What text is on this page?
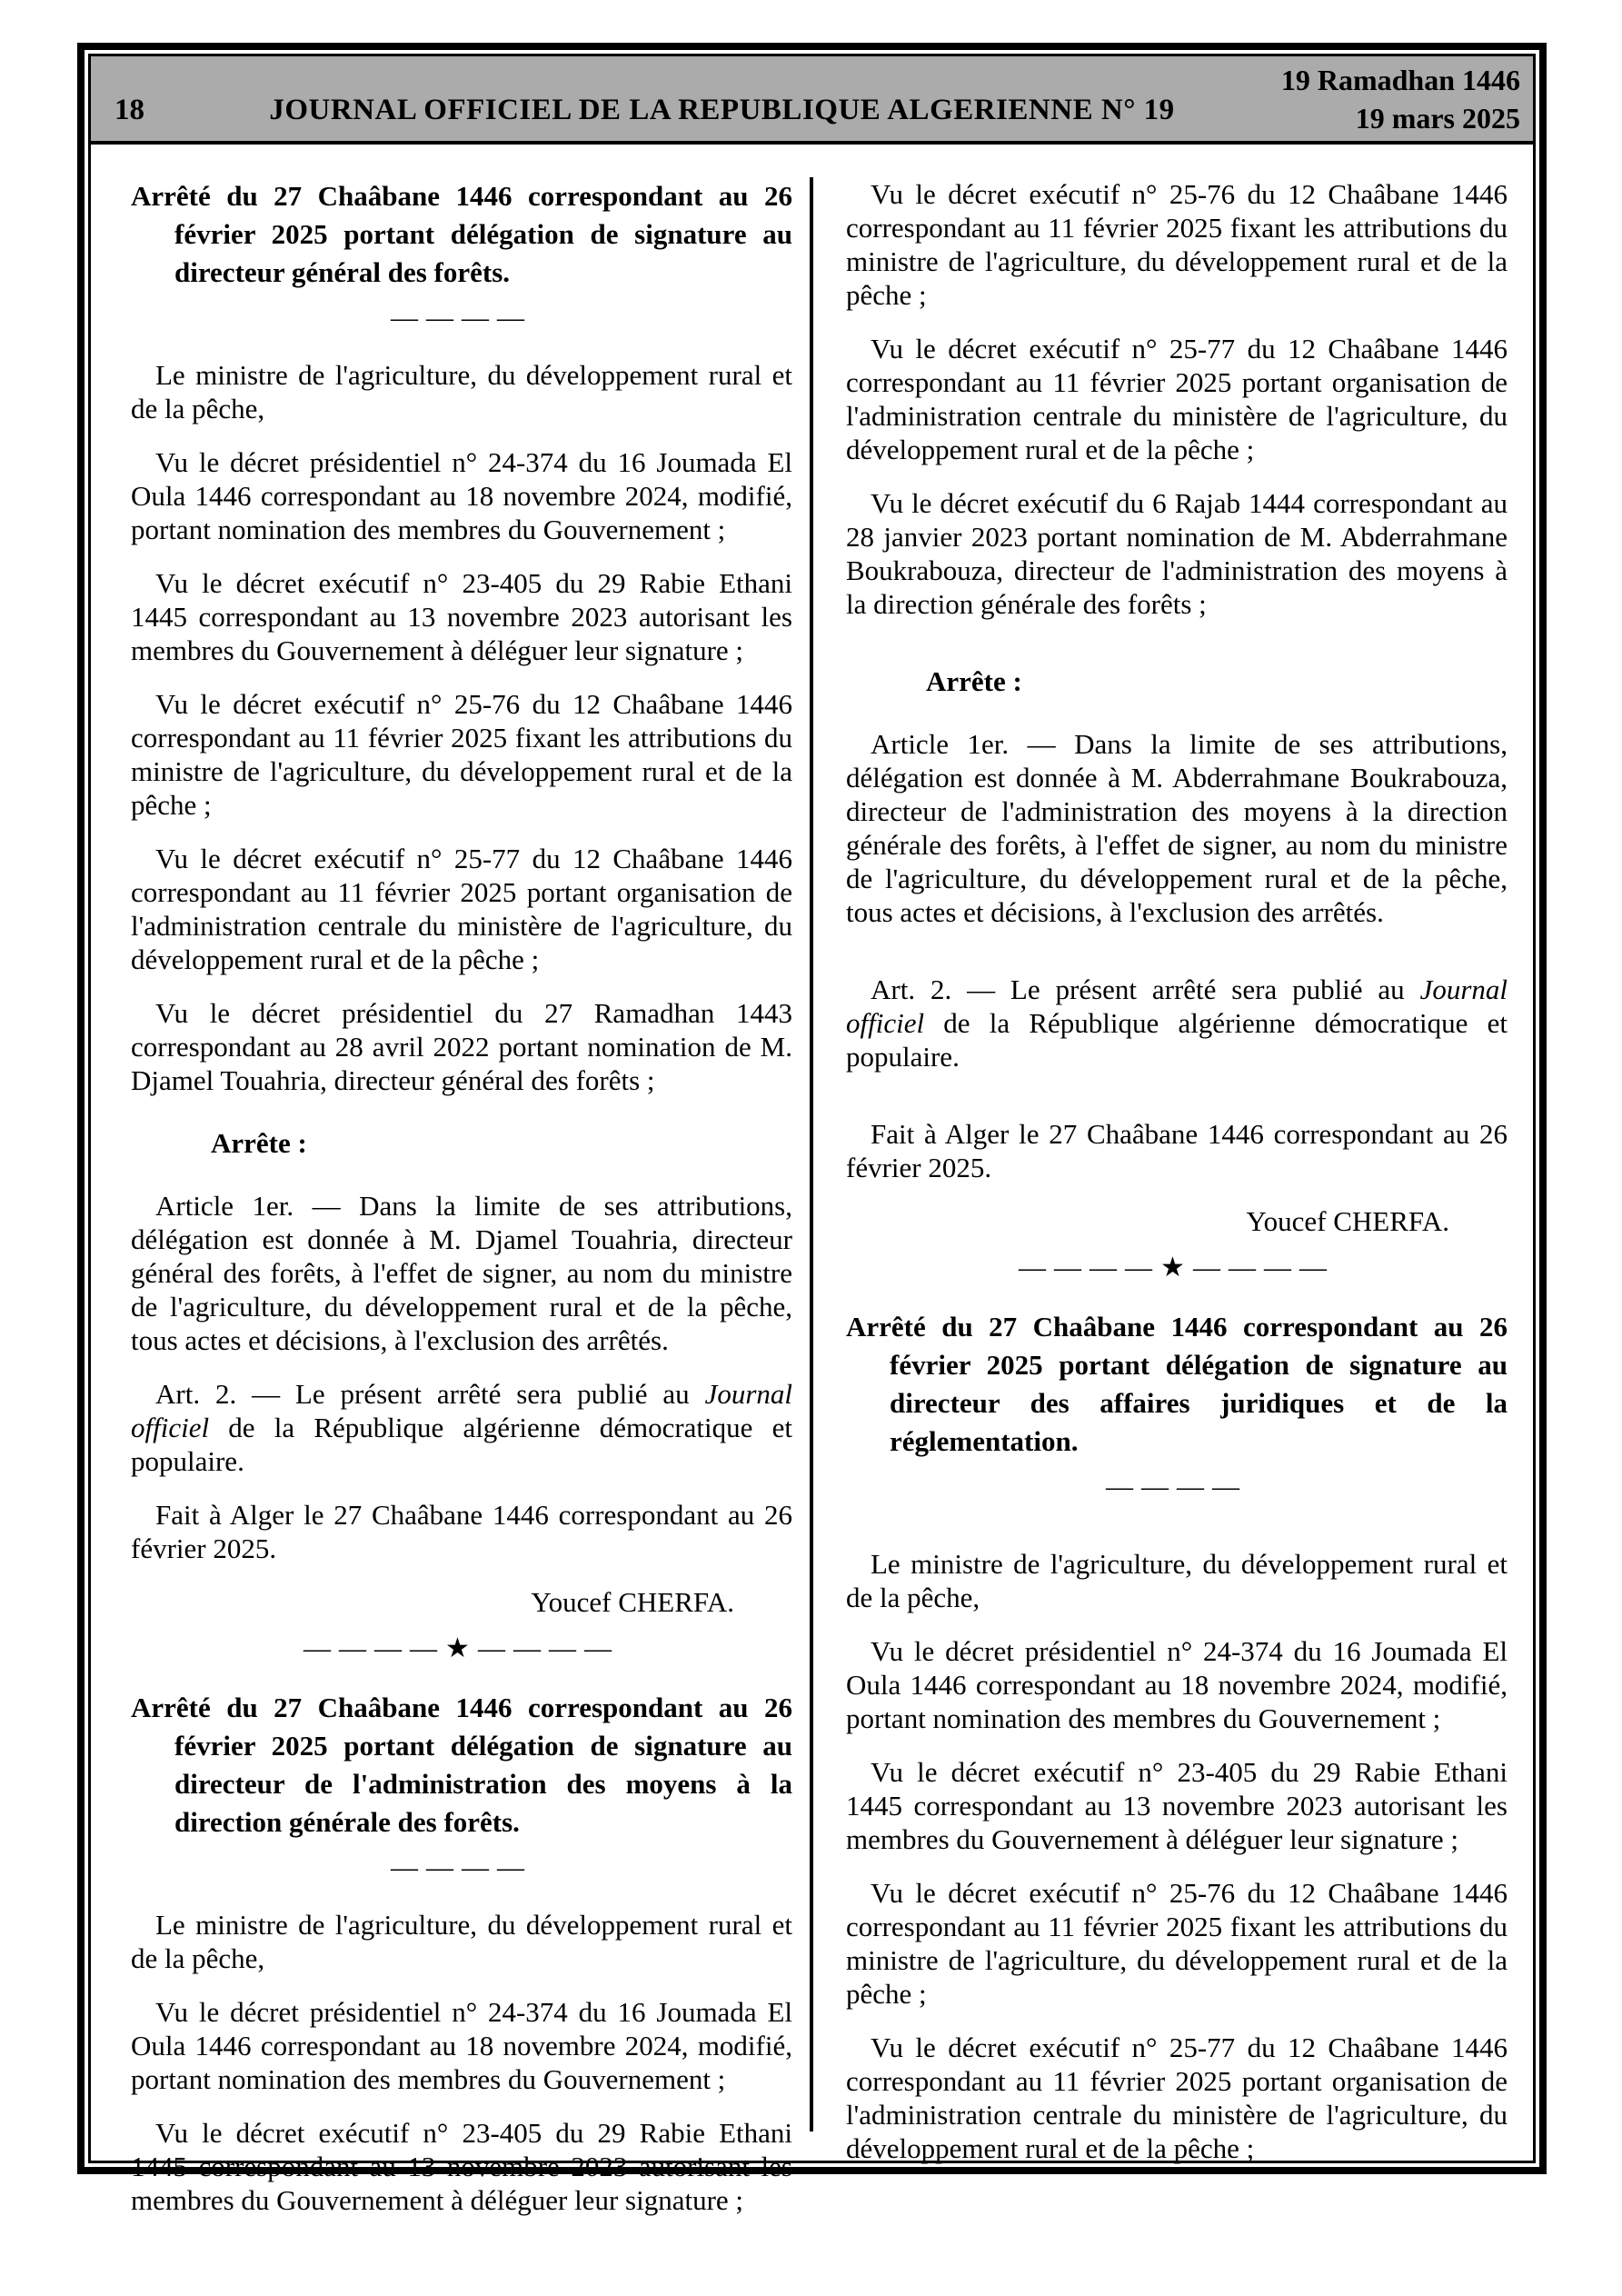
18	JOURNAL OFFICIEL DE LA REPUBLIQUE ALGERIENNE N° 19
19 Ramadhan 1446
19 mars 2025
Arrêté du 27 Chaâbane 1446 correspondant au 26 février 2025 portant délégation de signature au directeur général des forêts.
————
Le ministre de l'agriculture, du développement rural et de la pêche,
Vu le décret présidentiel n° 24-374 du 16 Joumada El Oula 1446 correspondant au 18 novembre 2024, modifié, portant nomination des membres du Gouvernement ;
Vu le décret exécutif n° 23-405 du 29 Rabie Ethani 1445 correspondant au 13 novembre 2023 autorisant les membres du Gouvernement à déléguer leur signature ;
Vu le décret exécutif n° 25-76 du 12 Chaâbane 1446 correspondant au 11 février 2025 fixant les attributions du ministre de l'agriculture, du développement rural et de la pêche ;
Vu le décret exécutif n° 25-77 du 12 Chaâbane 1446 correspondant au 11 février 2025 portant organisation de l'administration centrale du ministère de l'agriculture, du développement rural et de la pêche ;
Vu le décret présidentiel du 27 Ramadhan 1443 correspondant au 28 avril 2022 portant nomination de M. Djamel Touahria, directeur général des forêts ;
Arrête :
Article 1er. — Dans la limite de ses attributions, délégation est donnée à M. Djamel Touahria, directeur général des forêts, à l'effet de signer, au nom du ministre de l'agriculture, du développement rural et de la pêche, tous actes et décisions, à l'exclusion des arrêtés.
Art. 2. — Le présent arrêté sera publié au Journal officiel de la République algérienne démocratique et populaire.
Fait à Alger le 27 Chaâbane 1446 correspondant au 26 février 2025.
Youcef CHERFA.
————★————
Arrêté du 27 Chaâbane 1446 correspondant au 26 février 2025 portant délégation de signature au directeur de l'administration des moyens à la direction générale des forêts.
————
Le ministre de l'agriculture, du développement rural et de la pêche,
Vu le décret présidentiel n° 24-374 du 16 Joumada El Oula 1446 correspondant au 18 novembre 2024, modifié, portant nomination des membres du Gouvernement ;
Vu le décret exécutif n° 23-405 du 29 Rabie Ethani 1445 correspondant au 13 novembre 2023 autorisant les membres du Gouvernement à déléguer leur signature ;
Vu le décret exécutif n° 25-76 du 12 Chaâbane 1446 correspondant au 11 février 2025 fixant les attributions du ministre de l'agriculture, du développement rural et de la pêche ;
Vu le décret exécutif n° 25-77 du 12 Chaâbane 1446 correspondant au 11 février 2025 portant organisation de l'administration centrale du ministère de l'agriculture, du développement rural et de la pêche ;
Vu le décret exécutif du 6 Rajab 1444 correspondant au 28 janvier 2023 portant nomination de M. Abderrahmane Boukrabouza, directeur de l'administration des moyens à la direction générale des forêts ;
Arrête :
Article 1er. — Dans la limite de ses attributions, délégation est donnée à M. Abderrahmane Boukrabouza, directeur de l'administration des moyens à la direction générale des forêts, à l'effet de signer, au nom du ministre de l'agriculture, du développement rural et de la pêche, tous actes et décisions, à l'exclusion des arrêtés.
Art. 2. — Le présent arrêté sera publié au Journal officiel de la République algérienne démocratique et populaire.
Fait à Alger le 27 Chaâbane 1446 correspondant au 26 février 2025.
Youcef CHERFA.
————★————
Arrêté du 27 Chaâbane 1446 correspondant au 26 février 2025 portant délégation de signature au directeur des affaires juridiques et de la réglementation.
————
Le ministre de l'agriculture, du développement rural et de la pêche,
Vu le décret présidentiel n° 24-374 du 16 Joumada El Oula 1446 correspondant au 18 novembre 2024, modifié, portant nomination des membres du Gouvernement ;
Vu le décret exécutif n° 23-405 du 29 Rabie Ethani 1445 correspondant au 13 novembre 2023 autorisant les membres du Gouvernement à déléguer leur signature ;
Vu le décret exécutif n° 25-76 du 12 Chaâbane 1446 correspondant au 11 février 2025 fixant les attributions du ministre de l'agriculture, du développement rural et de la pêche ;
Vu le décret exécutif n° 25-77 du 12 Chaâbane 1446 correspondant au 11 février 2025 portant organisation de l'administration centrale du ministère de l'agriculture, du développement rural et de la pêche ;
